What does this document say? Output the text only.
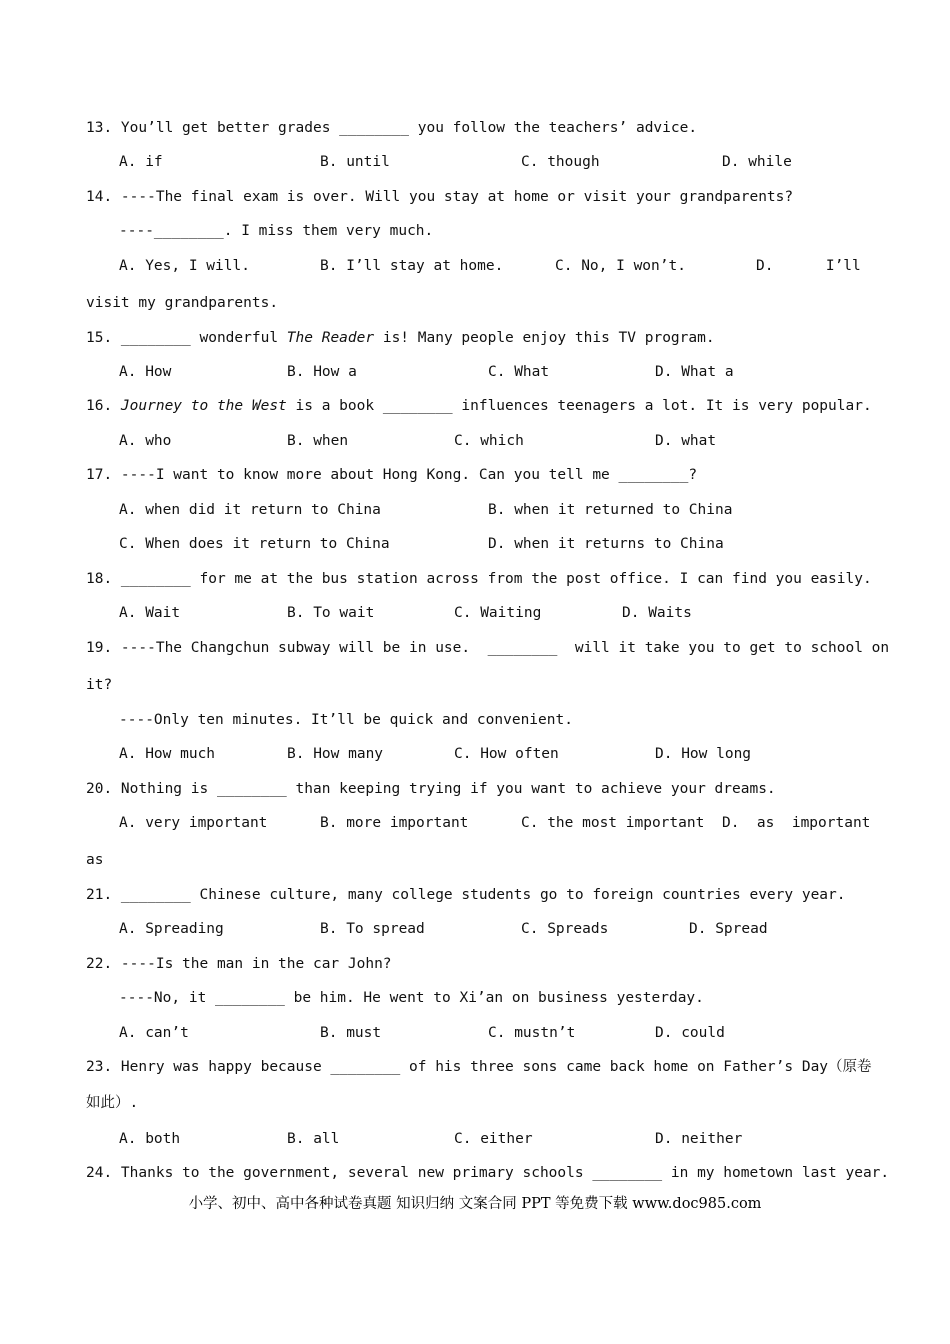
13. You’ll get better grades ________ you follow the teachers’ advice.
A. if	B. until	C. though	D. while
14. ----The final exam is over. Will you stay at home or visit your grandparents?
----________. I miss them very much.
A. Yes, I will.	B. I’ll stay at home.	C. No, I won’t.	D.      I’ll
visit my grandparents.
15. ________ wonderful The Reader is! Many people enjoy this TV program.
A. How	B. How a	C. What	D. What a
16. Journey to the West is a book ________ influences teenagers a lot. It is very popular.
A. who	B. when	C. which	D. what
17. ----I want to know more about Hong Kong. Can you tell me ________?
A. when did it return to China	B. when it returned to China
C. When does it return to China	D. when it returns to China
18. ________ for me at the bus station across from the post office. I can find you easily.
A. Wait	B. To wait	C. Waiting	D. Waits
19. ----The Changchun subway will be in use.  ________  will it take you to get to school on
it?
----Only ten minutes. It’ll be quick and convenient.
A. How much	B. How many	C. How often	D. How long
20. Nothing is ________ than keeping trying if you want to achieve your dreams.
A. very important	B. more important	C. the most important D.  as  important
as
21. ________ Chinese culture, many college students go to foreign countries every year.
A. Spreading	B. To spread	C. Spreads	D. Spread
22. ----Is the man in the car John?
----No, it ________ be him. He went to Xi’an on business yesterday.
A. can’t	B. must	C. mustn’t	D. could
23. Henry was happy because ________ of his three sons came back home on Father’s Day（原卷
如此）.
A. both	B. all	C. either	D. neither
24. Thanks to the government, several new primary schools ________ in my hometown last year.
小学、初中、高中各种试卷真题 知识归纳 文案合同 PPT 等免费下载 www.doc985.com
